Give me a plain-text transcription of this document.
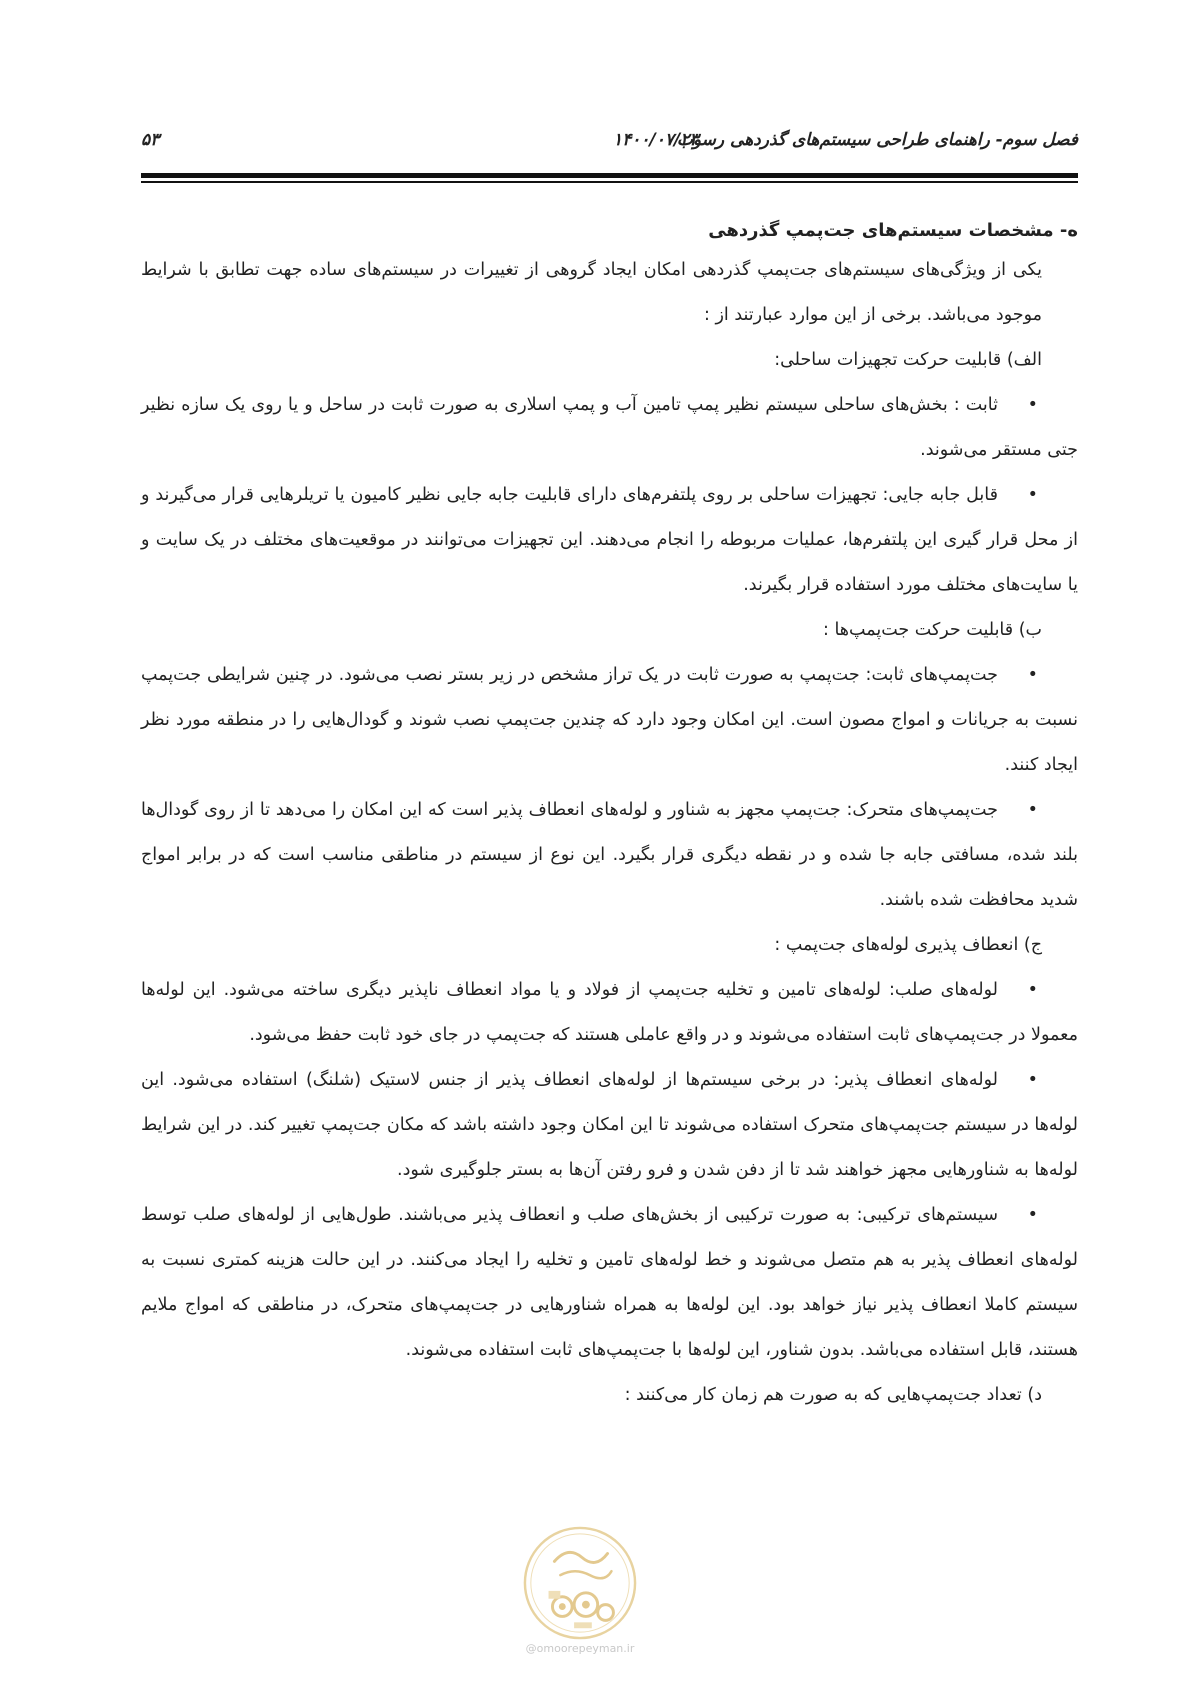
فصل سوم- راهنمای طراحی سیستم‌های گذردهی رسوب
۱۴۰۰/۰۷/۲۳
۵۳

ه- مشخصات سیستم‌های جت‌پمپ گذردهی

یکی از ویژگی‌های سیستم‌های جت‌پمپ گذردهی امکان ایجاد گروهی از تغییرات در سیستم‌های ساده جهت تطابق با شرایط موجود می‌باشد. برخی از این موارد عبارتند از :

الف) قابلیت حرکت تجهیزات ساحلی:

•ثابت : بخش‌های ساحلی سیستم نظیر پمپ تامین آب و پمپ اسلاری به صورت ثابت در ساحل و یا روی یک سازه نظیر جتی مستقر می‌شوند.

•قابل جابه جایی: تجهیزات ساحلی بر روی پلتفرم‌های دارای قابلیت جابه جایی نظیر کامیون یا تریلرهایی قرار می‌گیرند و از محل قرار گیری این پلتفرم‌ها، عملیات مربوطه را انجام می‌دهند. این تجهیزات می‌توانند در موقعیت‌های مختلف در یک سایت و یا سایت‌های مختلف مورد استفاده قرار بگیرند.

ب) قابلیت حرکت جت‌پمپ‌ها :

•جت‌پمپ‌های ثابت: جت‌پمپ به صورت ثابت در یک تراز مشخص در زیر بستر نصب می‌شود. در چنین شرایطی جت‌پمپ نسبت به جریانات و امواج مصون است. این امکان وجود دارد که چندین جت‌پمپ نصب شوند و گودال‌هایی را در منطقه مورد نظر ایجاد کنند.

•جت‌پمپ‌های متحرک: جت‌پمپ مجهز به شناور و لوله‌های انعطاف پذیر است که این امکان را می‌دهد تا از روی گودال‌ها بلند شده، مسافتی جابه جا شده و در نقطه دیگری قرار بگیرد. این نوع از سیستم در مناطقی مناسب است که در برابر امواج شدید محافظت شده باشند.

ج) انعطاف پذیری لوله‌های جت‌پمپ :

•لوله‌های صلب: لوله‌های تامین و تخلیه جت‌پمپ از فولاد و یا مواد انعطاف ناپذیر دیگری ساخته می‌شود. این لوله‌ها معمولا در جت‌پمپ‌های ثابت استفاده می‌شوند و در واقع عاملی هستند که جت‌پمپ در جای خود ثابت حفظ می‌شود.

•لوله‌های انعطاف پذیر: در برخی سیستم‌ها از لوله‌های انعطاف پذیر از جنس لاستیک (شلنگ) استفاده می‌شود. این لوله‌ها در سیستم جت‌پمپ‌های متحرک استفاده می‌شوند تا این امکان وجود داشته باشد که مکان جت‌پمپ تغییر کند. در این شرایط لوله‌ها به شناورهایی مجهز خواهند شد تا از دفن شدن و فرو رفتن آن‌ها به بستر جلوگیری شود.

•سیستم‌های ترکیبی: به صورت ترکیبی از بخش‌های صلب و انعطاف پذیر می‌باشند. طول‌هایی از لوله‌های صلب توسط لوله‌های انعطاف پذیر به هم متصل می‌شوند و خط لوله‌های تامین و تخلیه را ایجاد می‌کنند. در این حالت هزینه کمتری نسبت به سیستم کاملا انعطاف پذیر نیاز خواهد بود. این لوله‌ها به همراه شناورهایی در جت‌پمپ‌های متحرک، در مناطقی که امواج ملایم هستند، قابل استفاده می‌باشد. بدون شناور، این لوله‌ها با جت‌پمپ‌های ثابت استفاده می‌شوند.

د) تعداد جت‌پمپ‌هایی که به صورت هم زمان کار می‌کنند :

@omoorepeyman.ir
